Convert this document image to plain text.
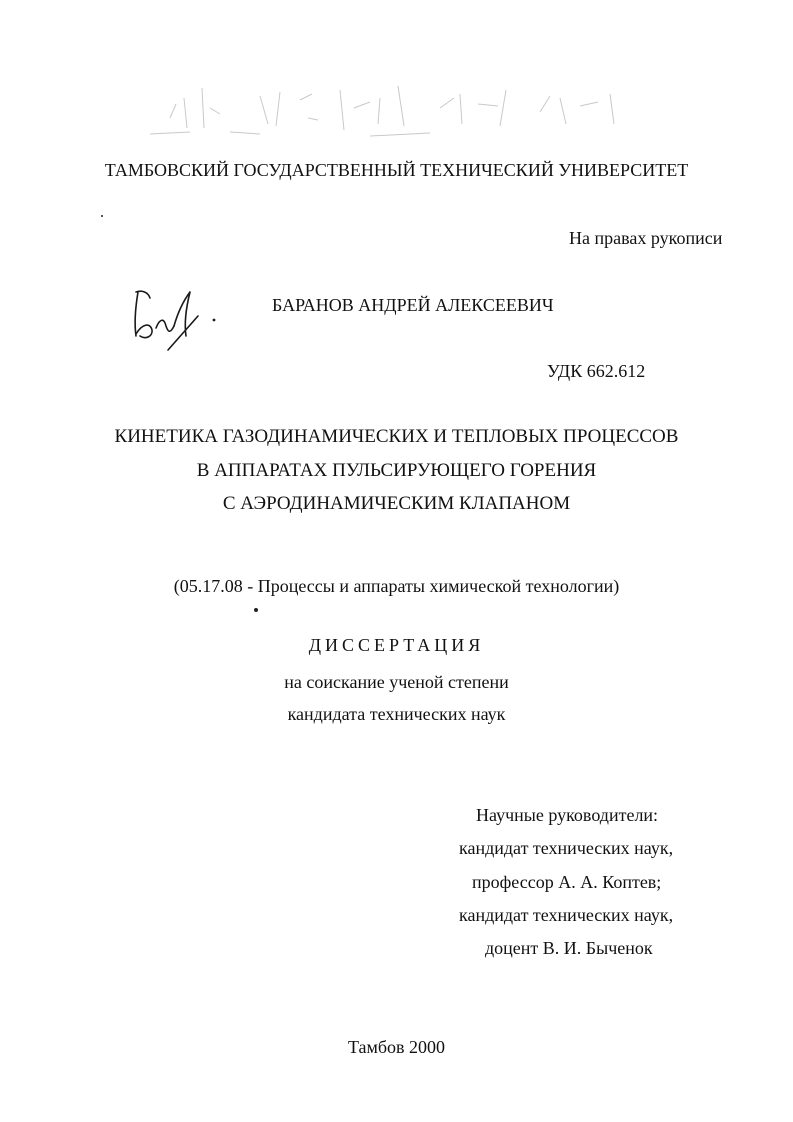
ТАМБОВСКИЙ ГОСУДАРСТВЕННЫЙ ТЕХНИЧЕСКИЙ УНИВЕРСИТЕТ
На правах рукописи
БАРАНОВ АНДРЕЙ АЛЕКСЕЕВИЧ
УДК 662.612
КИНЕТИКА ГАЗОДИНАМИЧЕСКИХ И ТЕПЛОВЫХ ПРОЦЕССОВ
В АППАРАТАХ ПУЛЬСИРУЮЩЕГО ГОРЕНИЯ
С АЭРОДИНАМИЧЕСКИМ КЛАПАНОМ
(05.17.08 - Процессы и аппараты химической технологии)
ДИССЕРТАЦИЯ
на соискание ученой степени
кандидата технических наук
Научные руководители:
кандидат технических наук,
профессор А. А. Коптев;
кандидат технических наук,
доцент В. И. Быченок
Тамбов 2000
